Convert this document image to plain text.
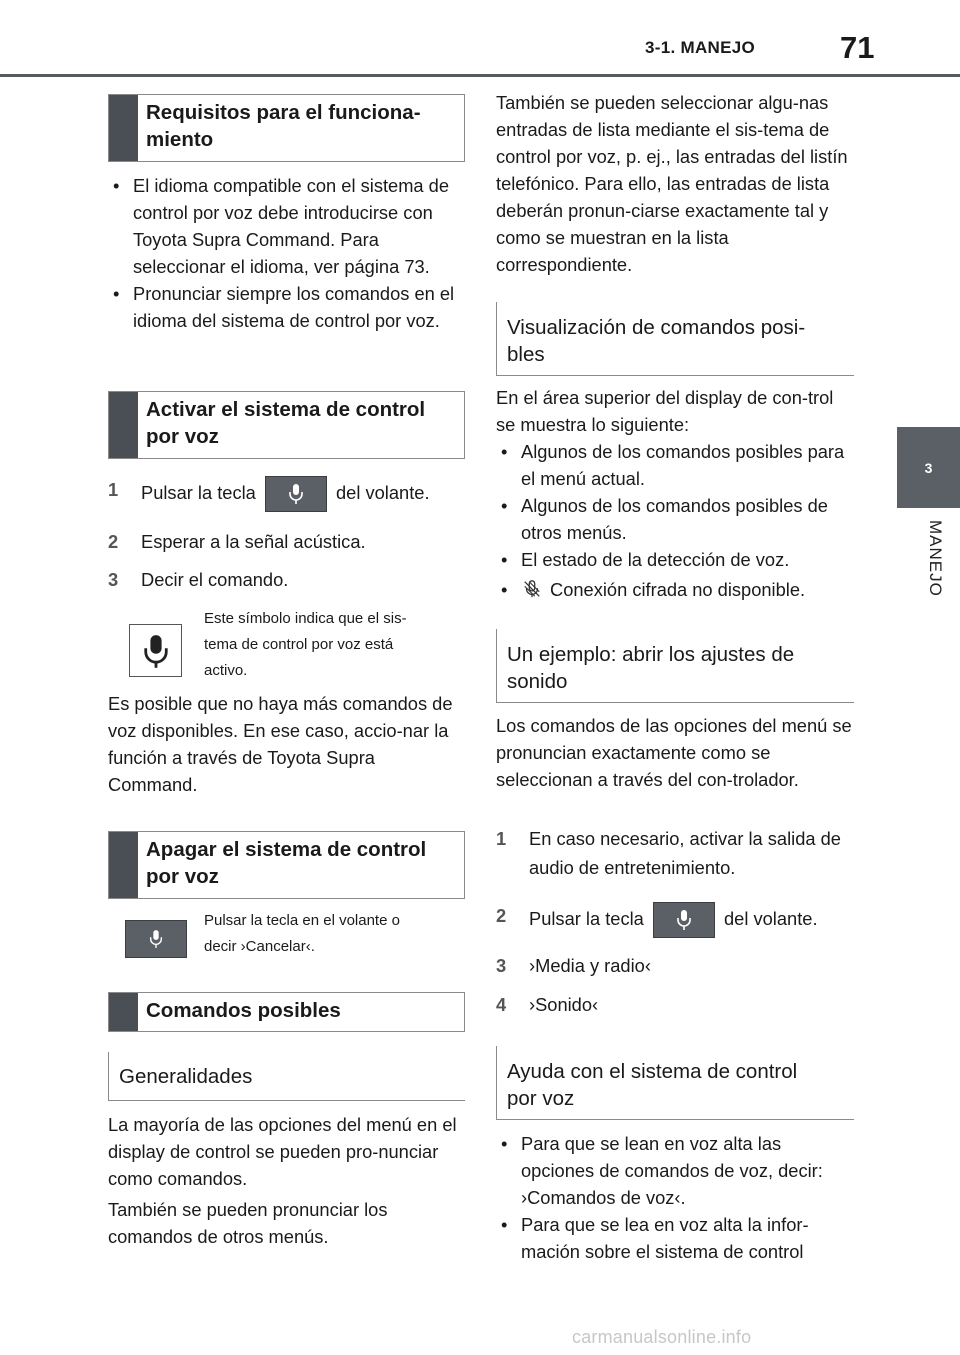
3-1. MANEJO	71
3
MANEJO
Requisitos para el funciona-
miento
• El idioma compatible con el sistema de control por voz debe introducirse con Toyota Supra Command. Para seleccionar el idioma, ver página 73.
• Pronunciar siempre los comandos en el idioma del sistema de control por voz.
Activar el sistema de control por voz
1	Pulsar la tecla	del volante.
2	Esperar a la señal acústica.
3	Decir el comando.
Este símbolo indica que el sis-
tema de control por voz está
activo.
Es posible que no haya más comandos de voz disponibles. En ese caso, accio-nar la función a través de Toyota Supra Command.
Apagar el sistema de control por voz
Pulsar la tecla en el volante o
decir ›Cancelar‹.
Comandos posibles
Generalidades
La mayoría de las opciones del menú en el display de control se pueden pro-nunciar como comandos.
También se pueden pronunciar los comandos de otros menús.
También se pueden seleccionar algu-nas entradas de lista mediante el sis-tema de control por voz, p. ej., las entradas del listín telefónico. Para ello, las entradas de lista deberán pronun-ciarse exactamente tal y como se muestran en la lista correspondiente.
Visualización de comandos posi-
bles
En el área superior del display de con-trol se muestra lo siguiente:
• Algunos de los comandos posibles para el menú actual.
• Algunos de los comandos posibles de otros menús.
• El estado de la detección de voz.
• Conexión cifrada no disponible.
Un ejemplo: abrir los ajustes de
sonido
Los comandos de las opciones del menú se pronuncian exactamente como se seleccionan a través del con-trolador.
1	En caso necesario, activar la salida de audio de entretenimiento.
2	Pulsar la tecla	del volante.
3	›Media y radio‹
4	›Sonido‹
Ayuda con el sistema de control
por voz
• Para que se lean en voz alta las opciones de comandos de voz, decir: ›Comandos de voz‹.
• Para que se lea en voz alta la infor-mación sobre el sistema de control
carmanualsonline.info
